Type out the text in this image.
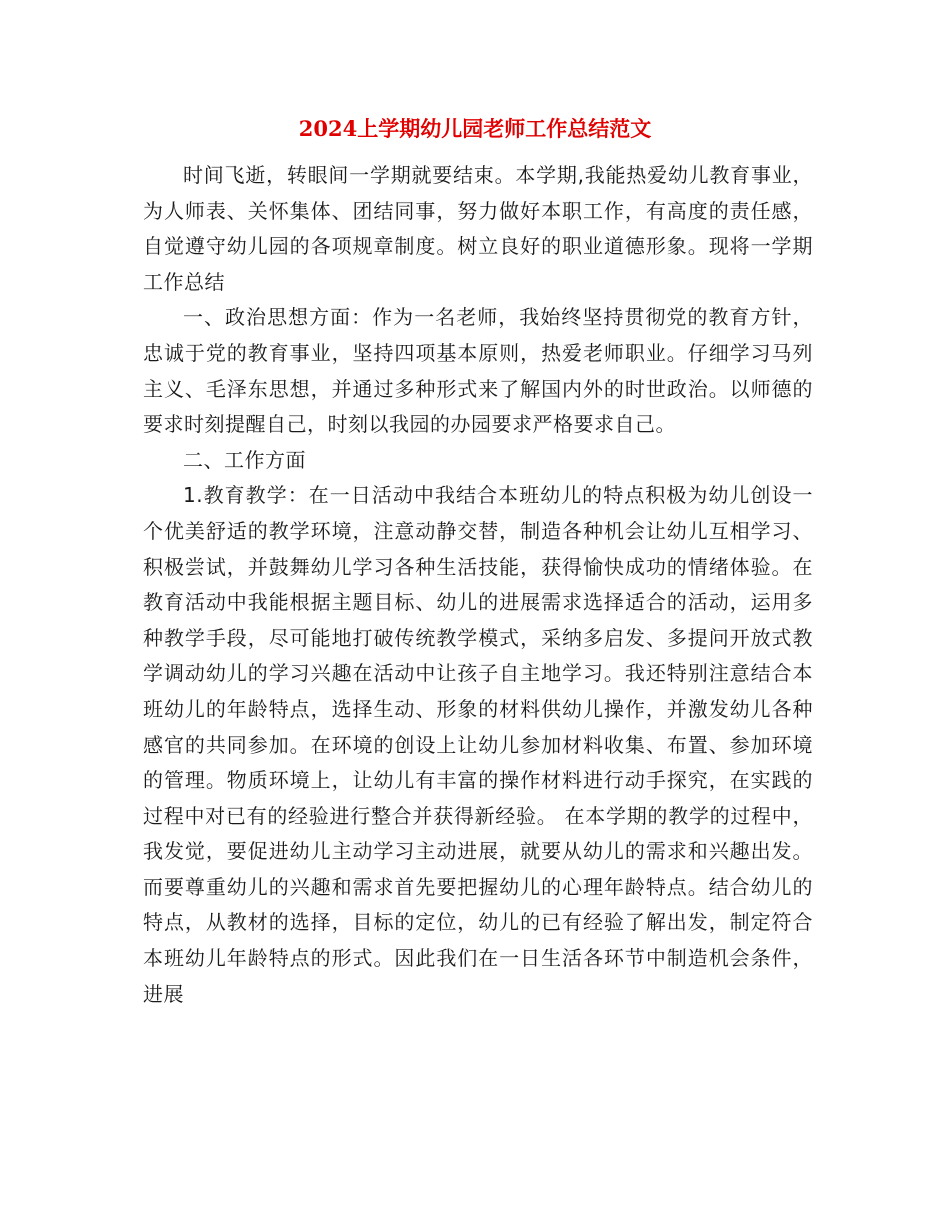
2024上学期幼儿园老师工作总结范文

时间飞逝，转眼间一学期就要结束。本学期,我能热爱幼儿教育事业，为人师表、关怀集体、团结同事，努力做好本职工作，有高度的责任感，自觉遵守幼儿园的各项规章制度。树立良好的职业道德形象。现将一学期工作总结

一、政治思想方面：作为一名老师，我始终坚持贯彻党的教育方针，忠诚于党的教育事业，坚持四项基本原则，热爱老师职业。仔细学习马列主义、毛泽东思想，并通过多种形式来了解国内外的时世政治。以师德的要求时刻提醒自己，时刻以我园的办园要求严格要求自己。

二、工作方面

1.教育教学：在一日活动中我结合本班幼儿的特点积极为幼儿创设一个优美舒适的教学环境，注意动静交替，制造各种机会让幼儿互相学习、积极尝试，并鼓舞幼儿学习各种生活技能，获得愉快成功的情绪体验。在教育活动中我能根据主题目标、幼儿的进展需求选择适合的活动，运用多种教学手段，尽可能地打破传统教学模式，采纳多启发、多提问开放式教学调动幼儿的学习兴趣在活动中让孩子自主地学习。我还特别注意结合本班幼儿的年龄特点，选择生动、形象的材料供幼儿操作，并激发幼儿各种感官的共同参加。在环境的创设上让幼儿参加材料收集、布置、参加环境的管理。物质环境上，让幼儿有丰富的操作材料进行动手探究，在实践的过程中对已有的经验进行整合并获得新经验。 在本学期的教学的过程中，我发觉，要促进幼儿主动学习主动进展，就要从幼儿的需求和兴趣出发。而要尊重幼儿的兴趣和需求首先要把握幼儿的心理年龄特点。结合幼儿的特点，从教材的选择，目标的定位，幼儿的已有经验了解出发，制定符合本班幼儿年龄特点的形式。因此我们在一日生活各环节中制造机会条件，进展
